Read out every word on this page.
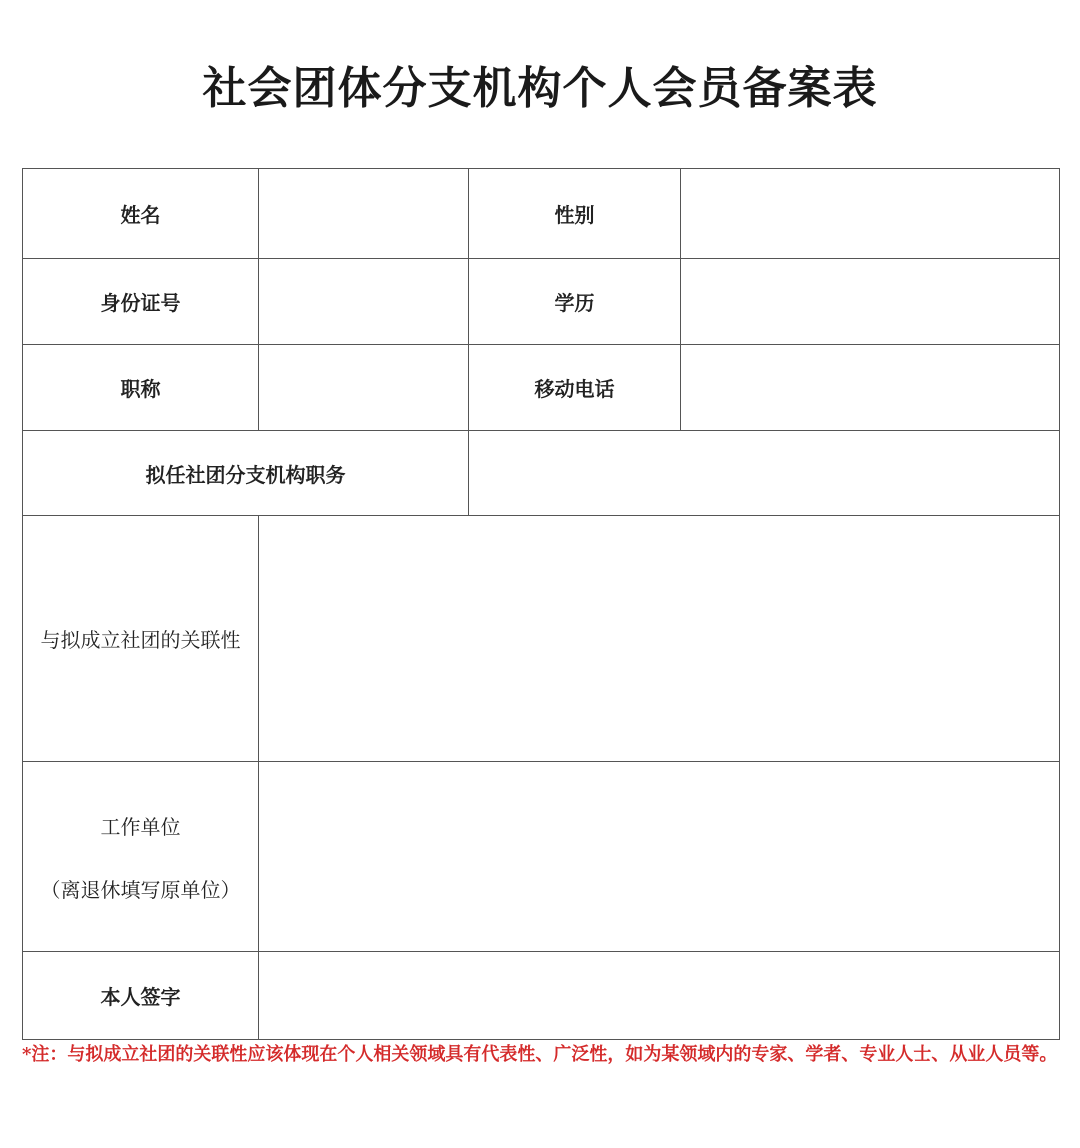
社会团体分支机构个人会员备案表
姓名		性别	
身份证号		学历	
职称		移动电话	
拟任社团分支机构职务			
与拟成立社团的关联性			
工作单位
（离退休填写原单位）			

本人签字			
*注：与拟成立社团的关联性应该体现在个人相关领域具有代表性、广泛性，如为某领域内的专家、学者、专业人士、从业人员等。
